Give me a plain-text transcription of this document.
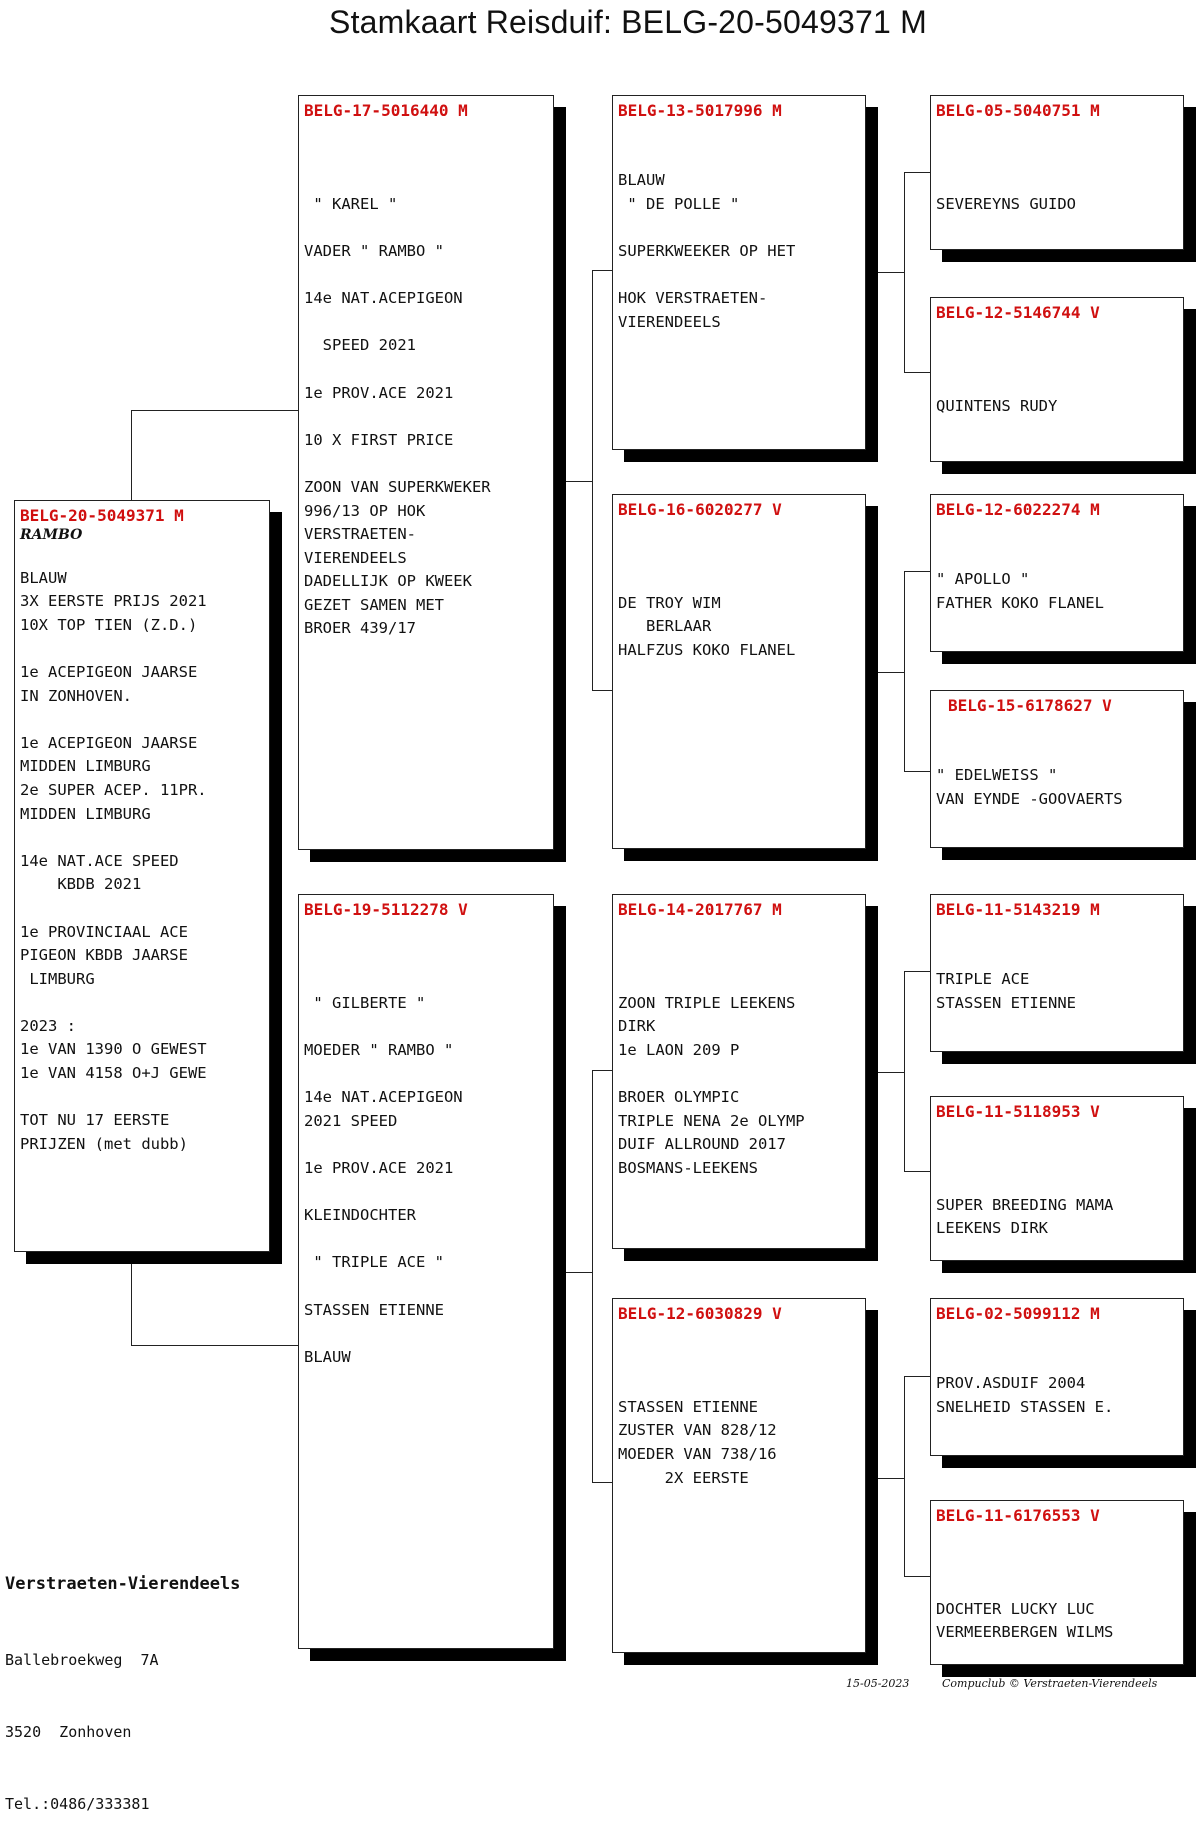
Stamkaart Reisduif: BELG-20-5049371 M
BELG-20-5049371 M
RAMBO

BLAUW
3X EERSTE PRIJS 2021
10X TOP TIEN (Z.D.)

1e ACEPIGEON JAARSE
IN ZONHOVEN.

1e ACEPIGEON JAARSE
MIDDEN LIMBURG
2e SUPER ACEP. 11PR.
MIDDEN LIMBURG

14e NAT.ACE SPEED
KBDB 2021

1e PROVINCIAAL ACE
PIGEON KBDB JAARSE
LIMBURG

2023 :
1e VAN 1390 O GEWEST
1e VAN 4158 O+J GEWE

TOT NU 17 EERSTE
PRIJZEN (met dubb)
BELG-17-5016440 M

" KAREL "

VADER " RAMBO "

14e NAT.ACEPIGEON

SPEED 2021

1e PROV.ACE 2021

10 X FIRST PRICE

ZOON VAN SUPERKWEKER
996/13 OP HOK
VERSTRAETEN-
VIERENDEELS
DADELLIJK OP KWEEK
GEZET SAMEN MET
BROER 439/17
BELG-19-5112278 V

" GILBERTE "

MOEDER " RAMBO "

14e NAT.ACEPIGEON
2021 SPEED

1e PROV.ACE 2021

KLEINDOCHTER

" TRIPLE ACE "

STASSEN ETIENNE

BLAUW
BELG-13-5017996 M

BLAUW
" DE POLLE "

SUPERKWEEKER OP HET

HOK VERSTRAETEN-
VIERENDEELS
BELG-16-6020277 V

DE TROY WIM
BERLAAR
HALFZUS KOKO FLANEL
BELG-14-2017767 M

ZOON TRIPLE LEEKENS
DIRK
1e LAON 209 P

BROER OLYMPIC
TRIPLE NENA 2e OLYMP
DUIF ALLROUND 2017
BOSMANS-LEEKENS
BELG-12-6030829 V

STASSEN ETIENNE
ZUSTER VAN 828/12
MOEDER VAN 738/16
2X EERSTE
BELG-05-5040751 M

SEVEREYNS GUIDO
BELG-12-5146744 V

QUINTENS RUDY
BELG-12-6022274 M

" APOLLO "
FATHER KOKO FLANEL
BELG-15-6178627 V

" EDELWEISS "
VAN EYNDE -GOOVAERTS
BELG-11-5143219 M

TRIPLE ACE
STASSEN ETIENNE
BELG-11-5118953 V

SUPER BREEDING MAMA
LEEKENS DIRK
BELG-02-5099112 M

PROV.ASDUIF 2004
SNELHEID STASSEN E.
BELG-11-6176553 V

DOCHTER LUCKY LUC
VERMEERBERGEN WILMS

Verstraeten-Vierendeels

Ballebroekweg  7A

3520  Zonhoven

Tel.:0486/333381

15-05-2023	Compuclub © Verstraeten-Vierendeels
